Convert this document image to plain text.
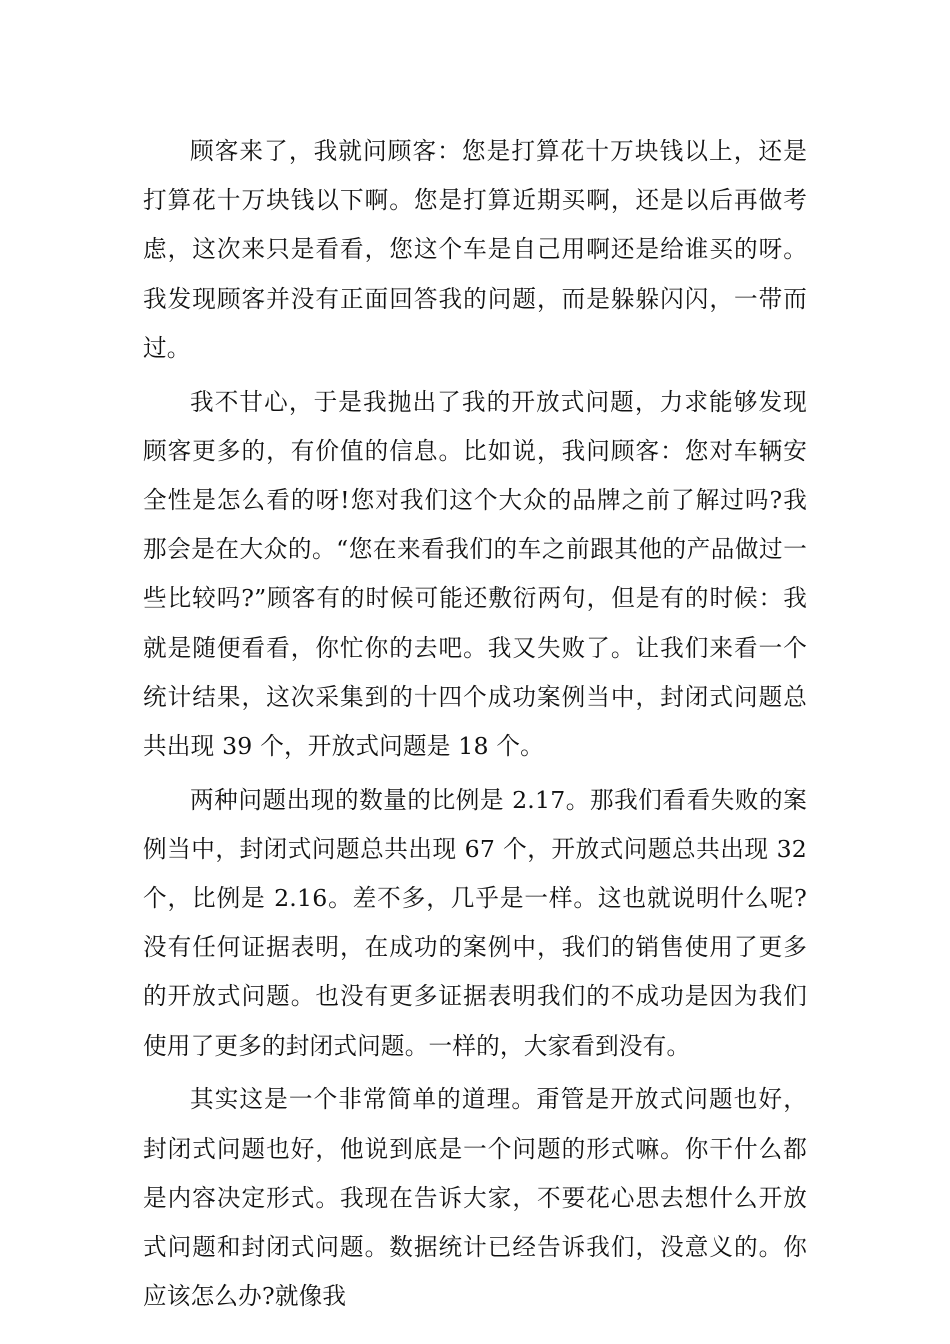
顾客来了，我就问顾客：您是打算花十万块钱以上，还是打算花十万块钱以下啊。您是打算近期买啊，还是以后再做考虑，这次来只是看看，您这个车是自己用啊还是给谁买的呀。我发现顾客并没有正面回答我的问题，而是躲躲闪闪，一带而过。

我不甘心，于是我抛出了我的开放式问题，力求能够发现顾客更多的，有价值的信息。比如说，我问顾客：您对车辆安全性是怎么看的呀!您对我们这个大众的品牌之前了解过吗?我那会是在大众的。“您在来看我们的车之前跟其他的产品做过一些比较吗?”顾客有的时候可能还敷衍两句，但是有的时候：我就是随便看看，你忙你的去吧。我又失败了。让我们来看一个统计结果，这次采集到的十四个成功案例当中，封闭式问题总共出现 39 个，开放式问题是 18 个。

两种问题出现的数量的比例是 2.17。那我们看看失败的案例当中，封闭式问题总共出现 67 个，开放式问题总共出现 32 个，比例是 2.16。差不多，几乎是一样。这也就说明什么呢?没有任何证据表明，在成功的案例中，我们的销售使用了更多的开放式问题。也没有更多证据表明我们的不成功是因为我们使用了更多的封闭式问题。一样的，大家看到没有。

其实这是一个非常简单的道理。甭管是开放式问题也好，封闭式问题也好，他说到底是一个问题的形式嘛。你干什么都是内容决定形式。我现在告诉大家，不要花心思去想什么开放式问题和封闭式问题。数据统计已经告诉我们，没意义的。你应该怎么办?就像我
